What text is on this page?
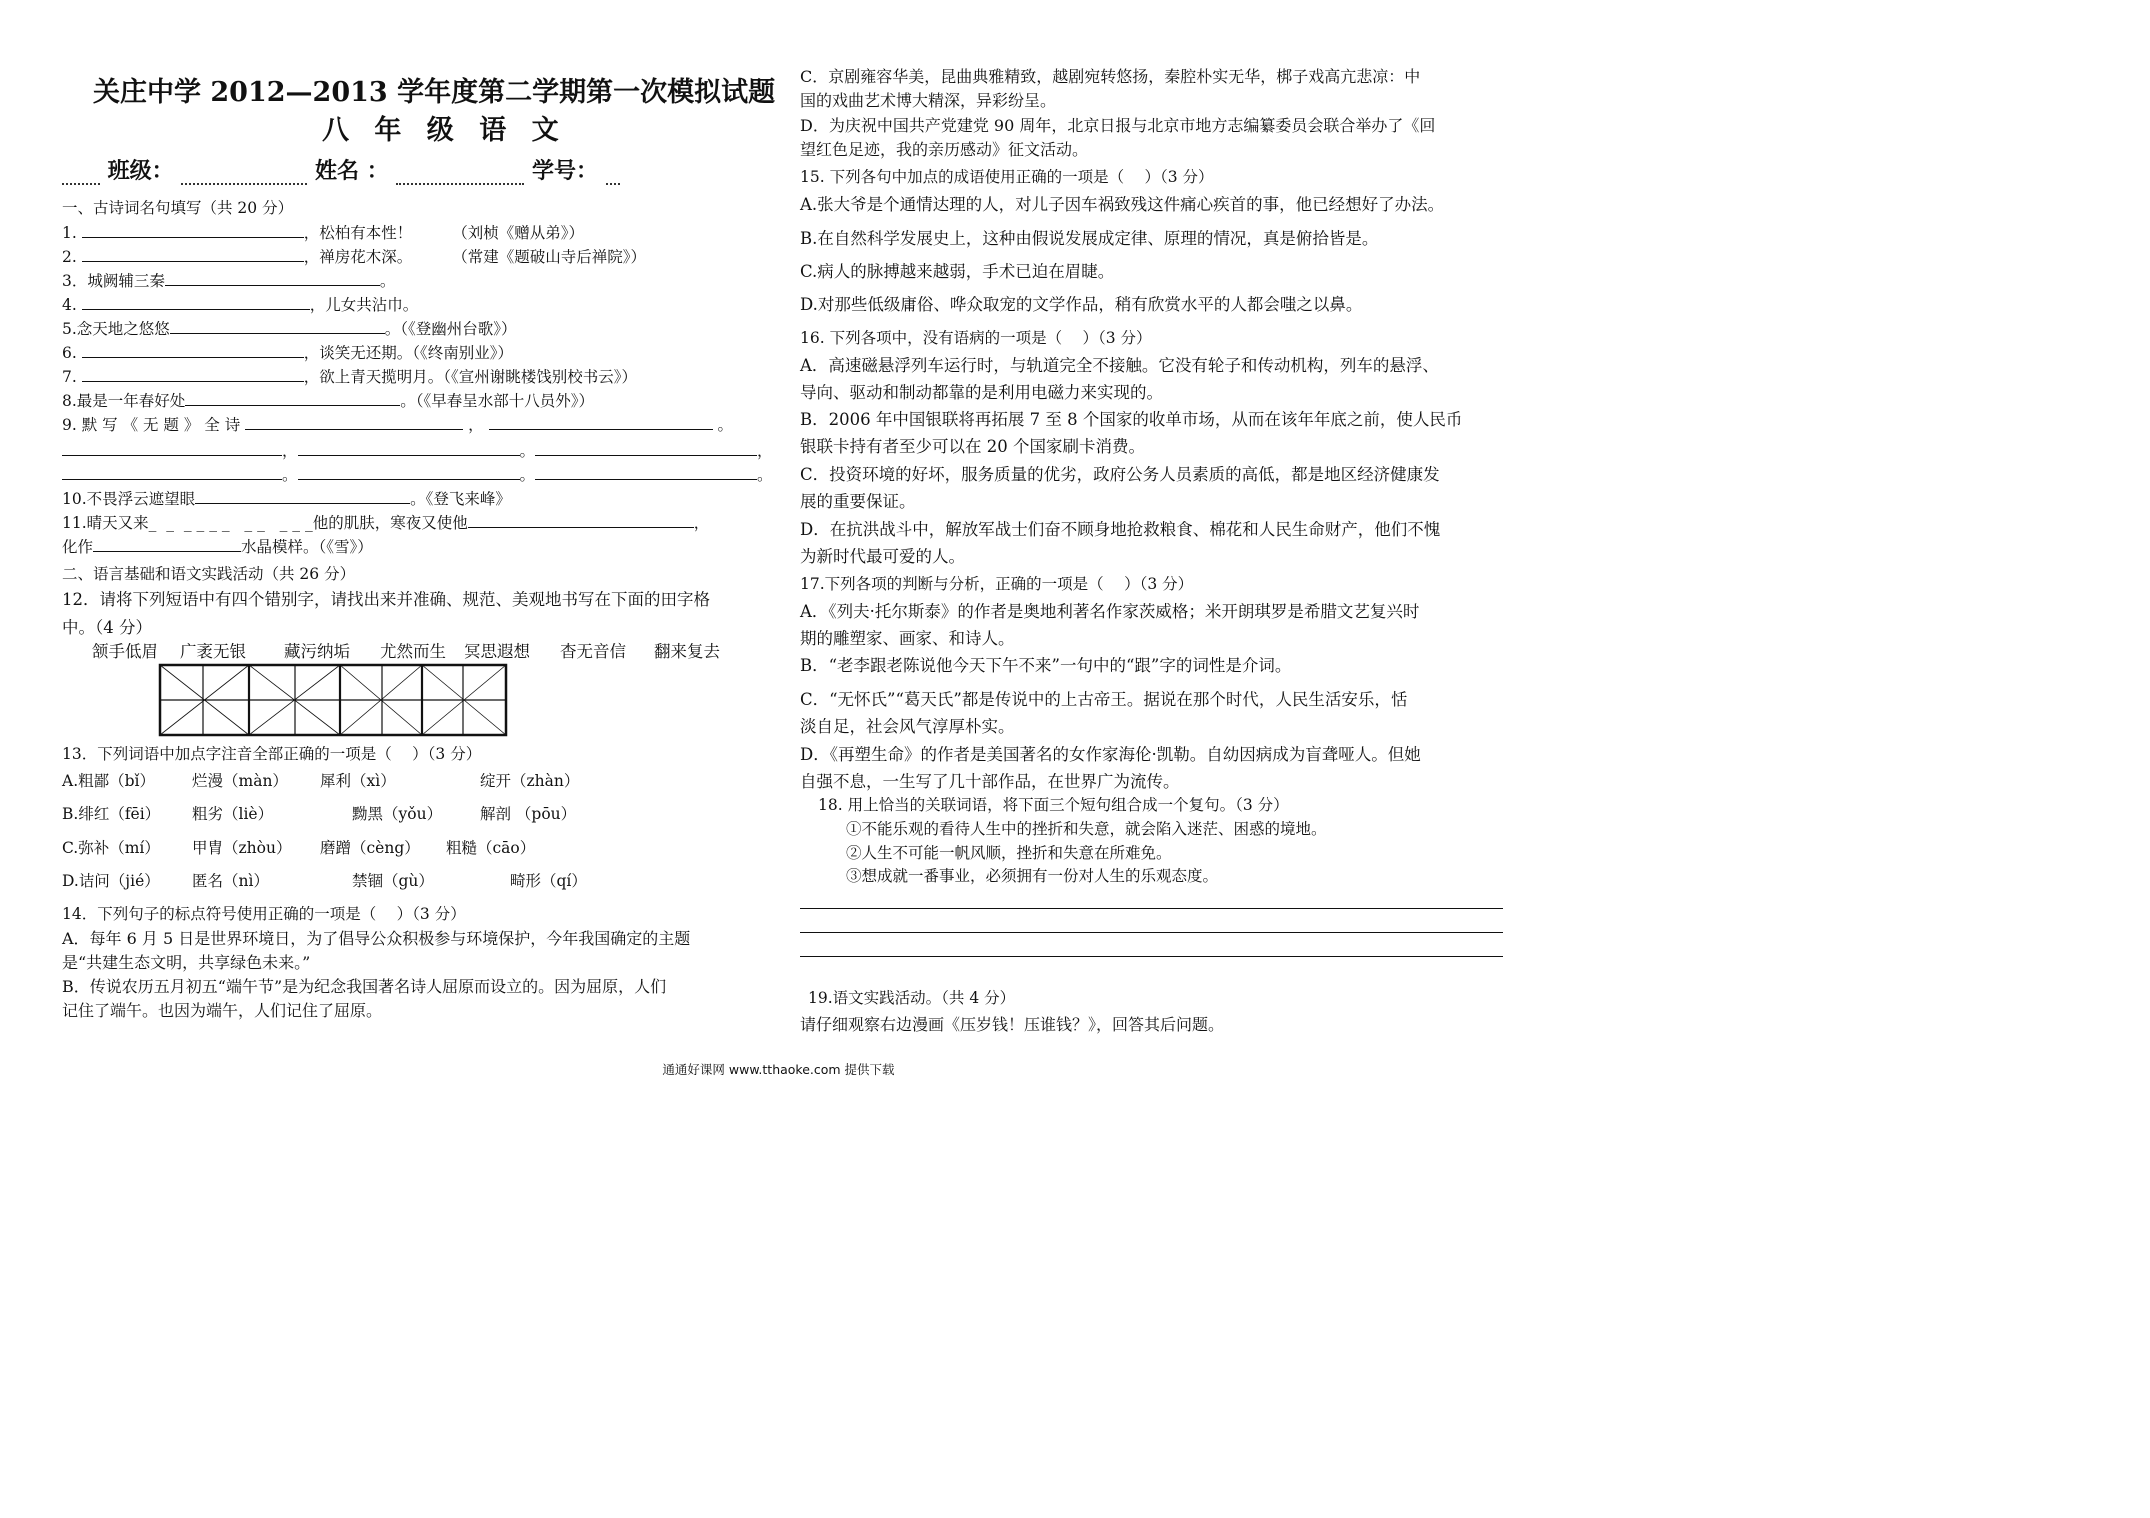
关庄中学 2012—2013 学年度第二学期第一次模拟试题
八 年 级 语 文
班级：	姓名 ：	学号：
一、古诗词名句填写（共 20 分）
1.	，松柏有本性！	（刘桢《赠从弟》）
2.	，禅房花木深。	（常建《题破山寺后禅院》）
3．城阙辅三秦	。
4.	，儿女共沾巾。
5.念天地之悠悠	。（《登幽州台歌》）
6.	，谈笑无还期。（《终南别业》）
7.	，欲上青天揽明月。（《宣州谢眺楼饯别校书云》）
8.最是一年春好处	。（《早春呈水部十八员外》）
9. 默 写 《 无 题 》 全 诗	，	。
，	。	，
。	。	。
10.不畏浮云遮望眼	。《登飞来峰》
11.晴天又来_  _  _ _ _ _   _ _   _ _ _他的肌肤，寒夜又使他	，
化作	水晶模样。（《雪》）
二、语言基础和语文实践活动（共 26 分）
12．请将下列短语中有四个错别字，请找出来并准确、规范、美观地书写在下面的田字格
中。（4 分）
颔手低眉 广袤无银 藏污纳垢 尤然而生 冥思遐想 杳无音信 翻来复去
13．下列词语中加点字注音全部正确的一项是（　 ）（3 分）
A.粗鄙（bǐ） 烂漫（màn） 犀利（xì）	绽开（zhàn）
B.绯红（fēi） 粗劣（liè）	黝黑（yǒu） 解剖 （pōu）
C.弥补（mí） 甲胄（zhòu） 磨蹭（cèng） 粗糙（cāo）
D.诘问（jié） 匿名（nì）	禁锢（gù）	畸形（qí）
14．下列句子的标点符号使用正确的一项是（　 ）（3 分）
A．每年 6 月 5 日是世界环境日，为了倡导公众积极参与环境保护，今年我国确定的主题
是“共建生态文明，共享绿色未来。”
B．传说农历五月初五“端午节”是为纪念我国著名诗人屈原而设立的。因为屈原，人们
记住了端午。也因为端午，人们记住了屈原。
C．京剧雍容华美，昆曲典雅精致，越剧宛转悠扬，秦腔朴实无华，梆子戏高亢悲凉：中
国的戏曲艺术博大精深，异彩纷呈。
D．为庆祝中国共产党建党 90 周年，北京日报与北京市地方志编纂委员会联合举办了《回
望红色足迹，我的亲历感动》征文活动。
15. 下列各句中加点的成语使用正确的一项是（　 ）（3 分）
A.张大爷是个通情达理的人，对儿子因车祸致残这件痛心疾首的事，他已经想好了办法。
B.在自然科学发展史上，这种由假说发展成定律、原理的情况，真是俯拾皆是。
C.病人的脉搏越来越弱，手术已迫在眉睫。
D.对那些低级庸俗、哗众取宠的文学作品，稍有欣赏水平的人都会嗤之以鼻。
16. 下列各项中，没有语病的一项是（　 ）（3 分）
A．高速磁悬浮列车运行时，与轨道完全不接触。它没有轮子和传动机构，列车的悬浮、
导向、驱动和制动都靠的是利用电磁力来实现的。
B．2006 年中国银联将再拓展 7 至 8 个国家的收单市场，从而在该年年底之前，使人民币
银联卡持有者至少可以在 20 个国家刷卡消费。
C．投资环境的好坏，服务质量的优劣，政府公务人员素质的高低，都是地区经济健康发
展的重要保证。
D．在抗洪战斗中，解放军战士们奋不顾身地抢救粮食、棉花和人民生命财产，他们不愧
为新时代最可爱的人。
17.下列各项的判断与分析，正确的一项是（　 ）（3 分）
A．《列夫·托尔斯泰》的作者是奥地利著名作家茨威格；米开朗琪罗是希腊文艺复兴时
期的雕塑家、画家、和诗人。
B．“老李跟老陈说他今天下午不来”一句中的“跟”字的词性是介词。
C．“无怀氏”“葛天氏”都是传说中的上古帝王。据说在那个时代，人民生活安乐，恬
淡自足，社会风气淳厚朴实。
D．《再塑生命》的作者是美国著名的女作家海伦·凯勒。自幼因病成为盲聋哑人。但她
自强不息，一生写了几十部作品，在世界广为流传。
18. 用上恰当的关联词语，将下面三个短句组合成一个复句。（3 分）
①不能乐观的看待人生中的挫折和失意，就会陷入迷茫、困惑的境地。
②人生不可能一帆风顺，挫折和失意在所难免。
③想成就一番事业，必须拥有一份对人生的乐观态度。
19.语文实践活动。（共 4 分）
请仔细观察右边漫画《压岁钱！压谁钱？》，回答其后问题。
通通好课网 www.tthaoke.com 提供下载
